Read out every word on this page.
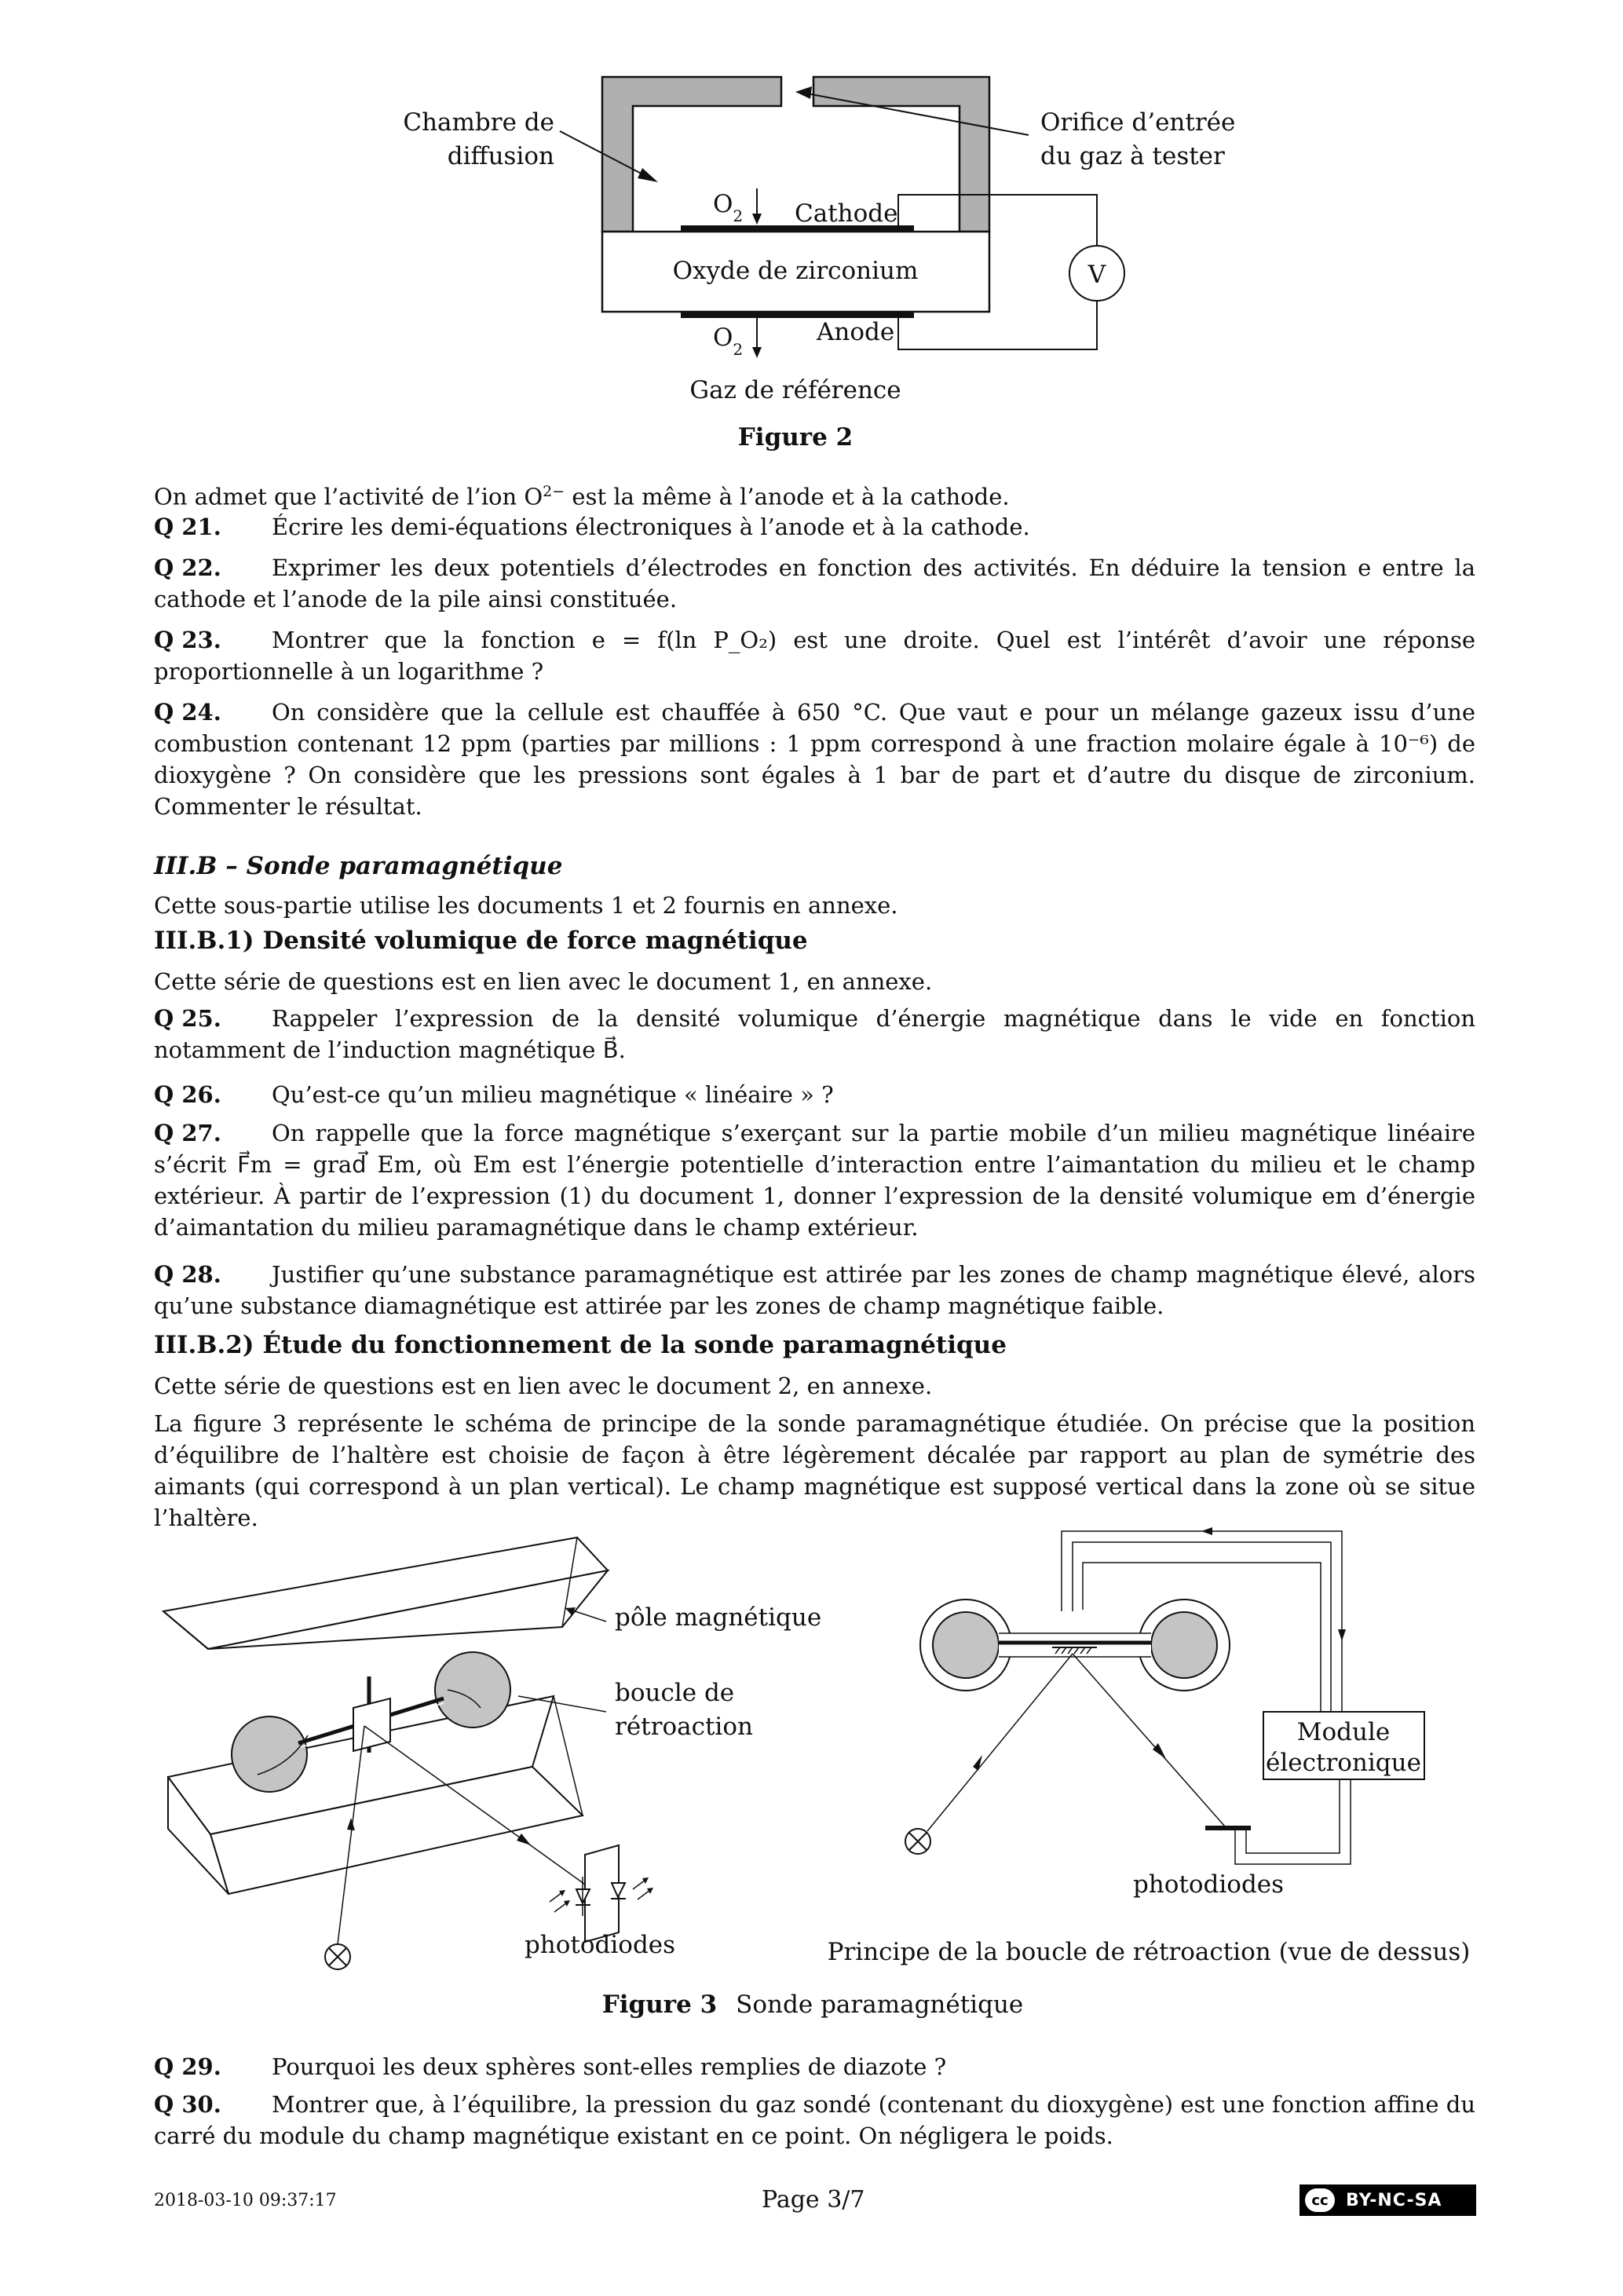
V
Chambre de
diffusion
Orifice d’entrée
du gaz à tester
$O_2$ Cathode
Oxyde de zirconium
$O_2$
Anode
Gaz de référence
Figure 2
On admet que l’activité de l’ion $O^{2-}$ est la même à l’anode et à la cathode.
Q 21. Écrire les demi-équations électroniques à l’anode et à la cathode.
Q 22. Exprimer les deux potentiels d’électrodes en fonction des activités. En déduire la tension e entre la cathode et l’anode de la pile ainsi constituée.
Q 23. Montrer que la fonction e = f(ln P_O₂) est une droite. Quel est l’intérêt d’avoir une réponse proportionnelle à un logarithme ?
Q 24. On considère que la cellule est chauffée à 650 °C. Que vaut e pour un mélange gazeux issu d’une combustion contenant 12 ppm (parties par millions : 1 ppm correspond à une fraction molaire égale à 10⁻⁶) de dioxygène ? On considère que les pressions sont égales à 1 bar de part et d’autre du disque de zirconium. Commenter le résultat.
III.B – Sonde paramagnétique
Cette sous-partie utilise les documents 1 et 2 fournis en annexe.
III.B.1) Densité volumique de force magnétique
Cette série de questions est en lien avec le document 1, en annexe.
Q 25. Rappeler l’expression de la densité volumique d’énergie magnétique dans le vide en fonction notamment de l’induction magnétique B⃗.
Q 26. Qu’est-ce qu’un milieu magnétique « linéaire » ?
Q 27. On rappelle que la force magnétique s’exerçant sur la partie mobile d’un milieu magnétique linéaire s’écrit F⃗m = grad⃗ Em, où Em est l’énergie potentielle d’interaction entre l’aimantation du milieu et le champ extérieur. À partir de l’expression (1) du document 1, donner l’expression de la densité volumique em d’énergie d’aimantation du milieu paramagnétique dans le champ extérieur.
Q 28. Justifier qu’une substance paramagnétique est attirée par les zones de champ magnétique élevé, alors qu’une substance diamagnétique est attirée par les zones de champ magnétique faible.
III.B.2) Étude du fonctionnement de la sonde paramagnétique
Cette série de questions est en lien avec le document 2, en annexe.
La figure 3 représente le schéma de principe de la sonde paramagnétique étudiée. On précise que la position d’équilibre de l’haltère est choisie de façon à être légèrement décalée par rapport au plan de symétrie des aimants (qui correspond à un plan vertical). Le champ magnétique est supposé vertical dans la zone où se situe l’haltère.
pôle magnétique
boucle de
rétroaction
photodiodes
Module
électronique
photodiodes
Principe de la boucle de rétroaction (vue de dessus)
Figure 3 Sonde paramagnétique
Q 29. Pourquoi les deux sphères sont-elles remplies de diazote ?
Q 30. Montrer que, à l’équilibre, la pression du gaz sondé (contenant du dioxygène) est une fonction affine du carré du module du champ magnétique existant en ce point. On négligera le poids.
2018-03-10 09:37:17	Page 3/7	cc	BY-NC-SA
